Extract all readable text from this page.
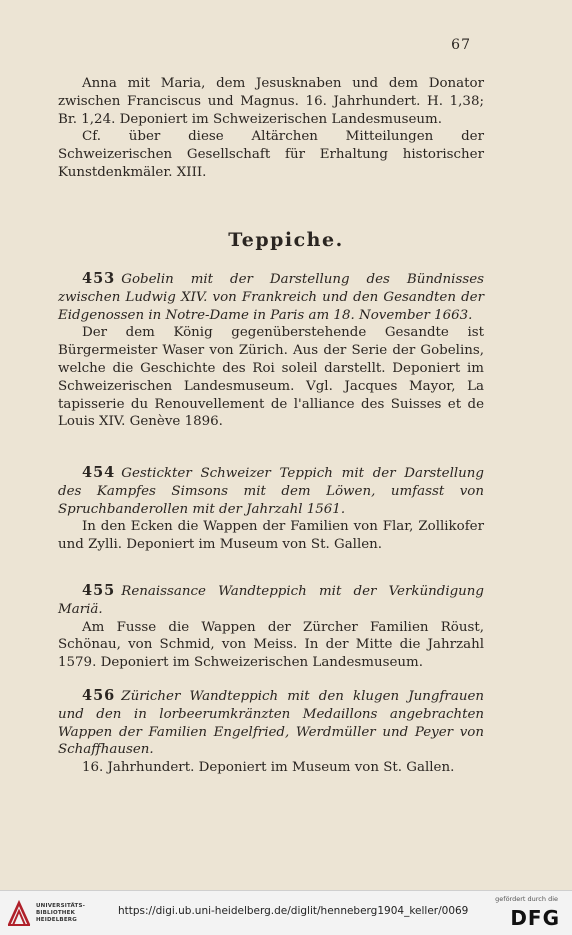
67

Anna mit Maria, dem Jesusknaben und dem Donator zwischen Franciscus und Magnus. 16. Jahrhundert. H. 1,38; Br. 1,24. Deponiert im Schweizerischen Landesmuseum.

Cf. über diese Altärchen Mitteilungen der Schweizerischen Gesellschaft für Erhaltung historischer Kunstdenkmäler. XIII.

Teppiche.

453 Gobelin mit der Darstellung des Bündnisses zwischen Ludwig XIV. von Frankreich und den Gesandten der Eidgenossen in Notre-Dame in Paris am 18. November 1663.

Der dem König gegenüberstehende Gesandte ist Bürgermeister Waser von Zürich. Aus der Serie der Gobelins, welche die Geschichte des Roi soleil darstellt. Deponiert im Schweizerischen Landesmuseum. Vgl. Jacques Mayor, La tapisserie du Renouvellement de l'alliance des Suisses et de Louis XIV. Genève 1896.

454 Gestickter Schweizer Teppich mit der Darstellung des Kampfes Simsons mit dem Löwen, umfasst von Spruchbanderollen mit der Jahrzahl 1561.

In den Ecken die Wappen der Familien von Flar, Zollikofer und Zylli. Deponiert im Museum von St. Gallen.

455 Renaissance Wandteppich mit der Verkündigung Mariä.

Am Fusse die Wappen der Zürcher Familien Röust, Schönau, von Schmid, von Meiss. In der Mitte die Jahrzahl 1579. Deponiert im Schweizerischen Landesmuseum.

456 Züricher Wandteppich mit den klugen Jungfrauen und den in lorbeerumkränzten Medaillons angebrachten Wappen der Familien Engelfried, Werdmüller und Peyer von Schaffhausen.

16. Jahrhundert. Deponiert im Museum von St. Gallen.

UNIVERSITÄTS-
BIBLIOTHEK
HEIDELBERG
https://digi.ub.uni-heidelberg.de/diglit/henneberg1904_keller/0069
gefördert durch die
DFG
